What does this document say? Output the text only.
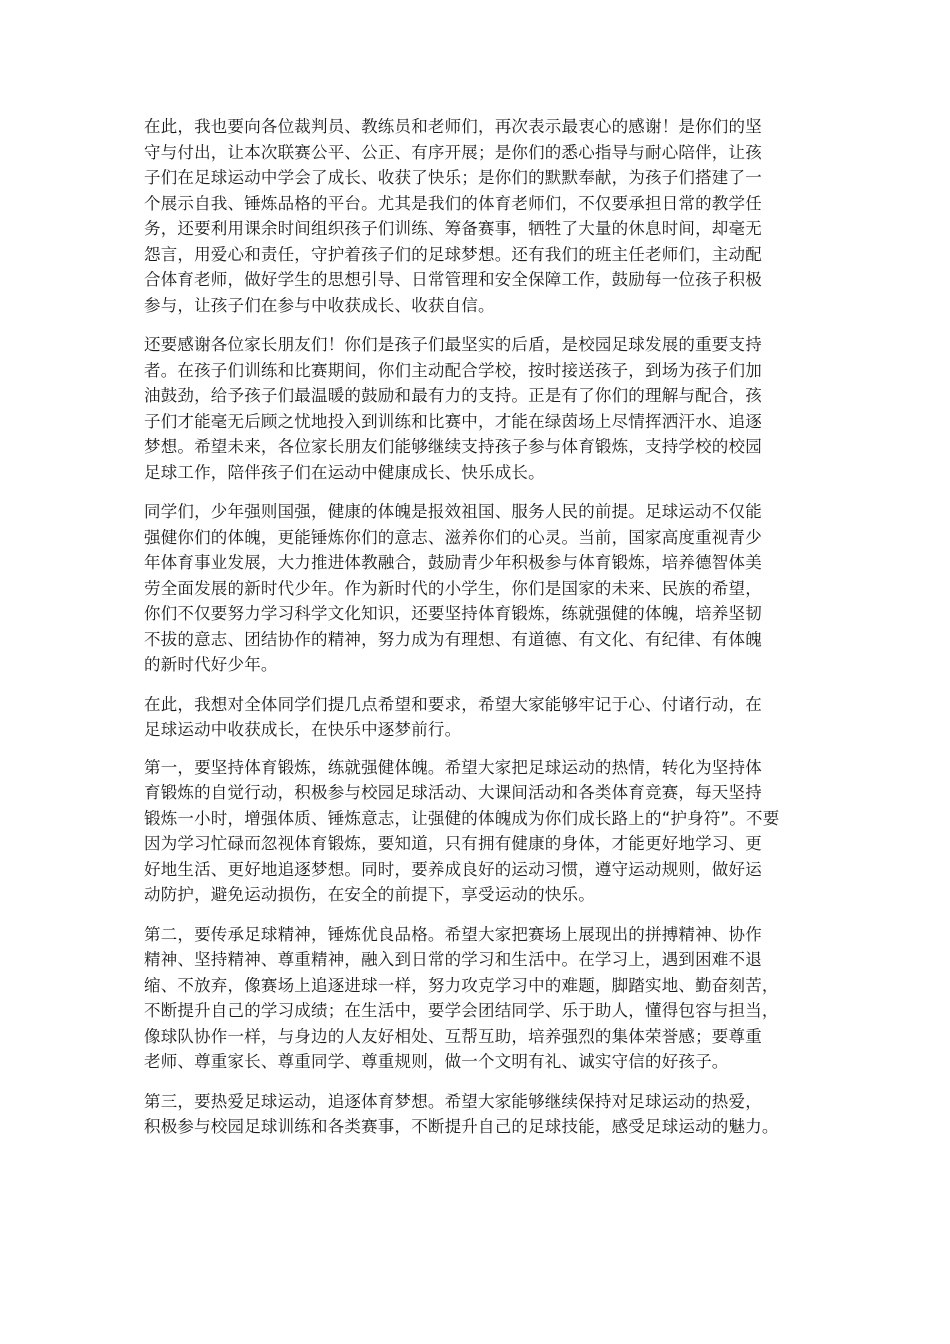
在此，我也要向各位裁判员、教练员和老师们，再次表示最衷心的感谢！是你们的坚
守与付出，让本次联赛公平、公正、有序开展；是你们的悉心指导与耐心陪伴，让孩
子们在足球运动中学会了成长、收获了快乐；是你们的默默奉献，为孩子们搭建了一
个展示自我、锤炼品格的平台。尤其是我们的体育老师们，不仅要承担日常的教学任
务，还要利用课余时间组织孩子们训练、筹备赛事，牺牲了大量的休息时间，却毫无
怨言，用爱心和责任，守护着孩子们的足球梦想。还有我们的班主任老师们，主动配
合体育老师，做好学生的思想引导、日常管理和安全保障工作，鼓励每一位孩子积极
参与，让孩子们在参与中收获成长、收获自信。

还要感谢各位家长朋友们！你们是孩子们最坚实的后盾，是校园足球发展的重要支持
者。在孩子们训练和比赛期间，你们主动配合学校，按时接送孩子，到场为孩子们加
油鼓劲，给予孩子们最温暖的鼓励和最有力的支持。正是有了你们的理解与配合，孩
子们才能毫无后顾之忧地投入到训练和比赛中，才能在绿茵场上尽情挥洒汗水、追逐
梦想。希望未来，各位家长朋友们能够继续支持孩子参与体育锻炼，支持学校的校园
足球工作，陪伴孩子们在运动中健康成长、快乐成长。

同学们，少年强则国强，健康的体魄是报效祖国、服务人民的前提。足球运动不仅能
强健你们的体魄，更能锤炼你们的意志、滋养你们的心灵。当前，国家高度重视青少
年体育事业发展，大力推进体教融合，鼓励青少年积极参与体育锻炼，培养德智体美
劳全面发展的新时代少年。作为新时代的小学生，你们是国家的未来、民族的希望，
你们不仅要努力学习科学文化知识，还要坚持体育锻炼，练就强健的体魄，培养坚韧
不拔的意志、团结协作的精神，努力成为有理想、有道德、有文化、有纪律、有体魄
的新时代好少年。

在此，我想对全体同学们提几点希望和要求，希望大家能够牢记于心、付诸行动，在
足球运动中收获成长，在快乐中逐梦前行。

第一，要坚持体育锻炼，练就强健体魄。希望大家把足球运动的热情，转化为坚持体
育锻炼的自觉行动，积极参与校园足球活动、大课间活动和各类体育竞赛，每天坚持
锻炼一小时，增强体质、锤炼意志，让强健的体魄成为你们成长路上的“护身符”。不要
因为学习忙碌而忽视体育锻炼，要知道，只有拥有健康的身体，才能更好地学习、更
好地生活、更好地追逐梦想。同时，要养成良好的运动习惯，遵守运动规则，做好运
动防护，避免运动损伤，在安全的前提下，享受运动的快乐。

第二，要传承足球精神，锤炼优良品格。希望大家把赛场上展现出的拼搏精神、协作
精神、坚持精神、尊重精神，融入到日常的学习和生活中。在学习上，遇到困难不退
缩、不放弃，像赛场上追逐进球一样，努力攻克学习中的难题，脚踏实地、勤奋刻苦，
不断提升自己的学习成绩；在生活中，要学会团结同学、乐于助人，懂得包容与担当，
像球队协作一样，与身边的人友好相处、互帮互助，培养强烈的集体荣誉感；要尊重
老师、尊重家长、尊重同学、尊重规则，做一个文明有礼、诚实守信的好孩子。

第三，要热爱足球运动，追逐体育梦想。希望大家能够继续保持对足球运动的热爱，
积极参与校园足球训练和各类赛事，不断提升自己的足球技能，感受足球运动的魅力。
